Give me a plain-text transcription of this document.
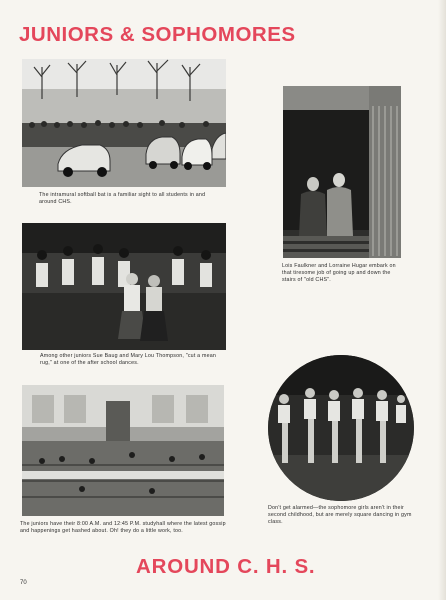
JUNIORS & SOPHOMORES
The intramural softball bat is a familiar sight to all students in and around CHS.
Lois Faulkner and Lorraine Hugar embark on that tiresome job of going up and down the stairs of "old CHS".
Among other juniors Sue Baug and Mary Lou Thompson, "cut a mean rug," at one of the after school dances.
The juniors have their 8:00 A.M. and 12:45 P.M. studyhall where the latest gossip and happenings get hashed about. Oh! they do a little work, too.
Don't get alarmed—the sophomore girls aren't in their second childhood, but are merely square dancing in gym class.
AROUND C. H. S.
70
